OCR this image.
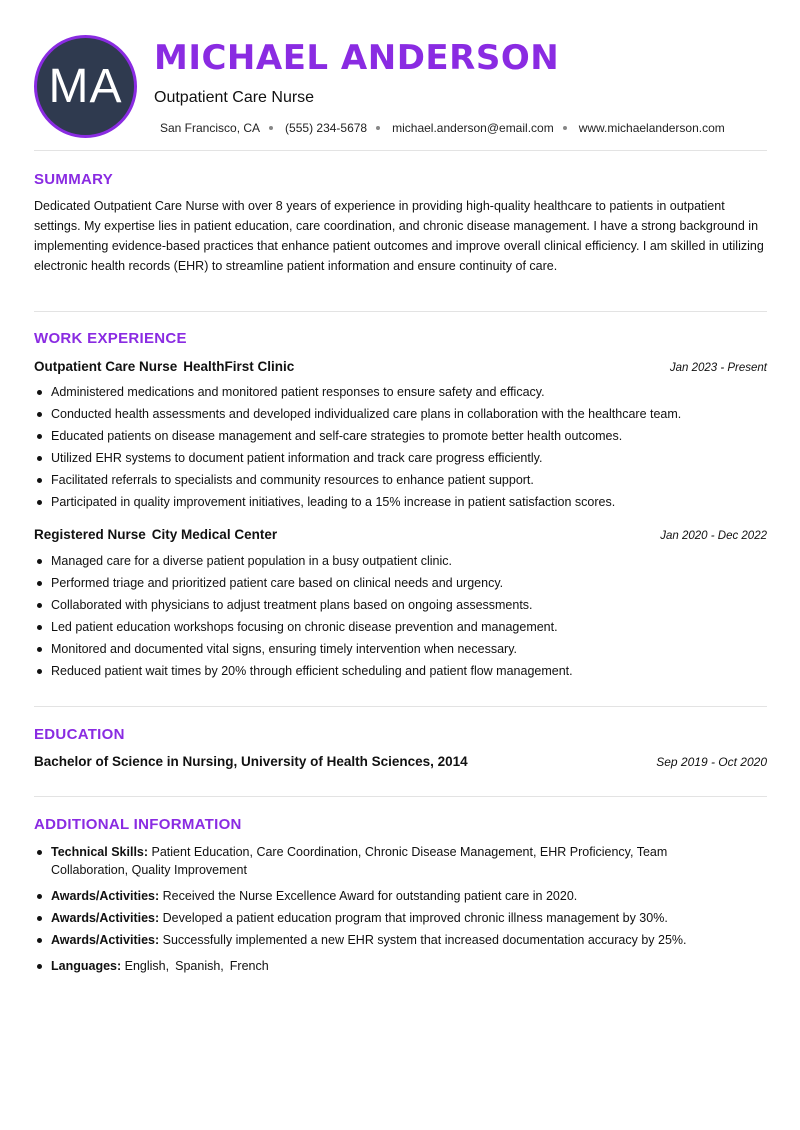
MA
MICHAEL ANDERSON
Outpatient Care Nurse
San Francisco, CA (555) 234-5678 michael.anderson@email.com www.michaelanderson.com
SUMMARY
Dedicated Outpatient Care Nurse with over 8 years of experience in providing high-quality healthcare to patients in outpatient settings. My expertise lies in patient education, care coordination, and chronic disease management. I have a strong background in implementing evidence-based practices that enhance patient outcomes and improve overall clinical efficiency. I am skilled in utilizing electronic health records (EHR) to streamline patient information and ensure continuity of care.
WORK EXPERIENCE
Outpatient Care Nurse HealthFirst Clinic	Jan 2023 - Present
Administered medications and monitored patient responses to ensure safety and efficacy.
Conducted health assessments and developed individualized care plans in collaboration with the healthcare team.
Educated patients on disease management and self-care strategies to promote better health outcomes.
Utilized EHR systems to document patient information and track care progress efficiently.
Facilitated referrals to specialists and community resources to enhance patient support.
Participated in quality improvement initiatives, leading to a 15% increase in patient satisfaction scores.
Registered Nurse City Medical Center	Jan 2020 - Dec 2022
Managed care for a diverse patient population in a busy outpatient clinic.
Performed triage and prioritized patient care based on clinical needs and urgency.
Collaborated with physicians to adjust treatment plans based on ongoing assessments.
Led patient education workshops focusing on chronic disease prevention and management.
Monitored and documented vital signs, ensuring timely intervention when necessary.
Reduced patient wait times by 20% through efficient scheduling and patient flow management.
EDUCATION
Bachelor of Science in Nursing, University of Health Sciences, 2014	Sep 2019 - Oct 2020
ADDITIONAL INFORMATION
Technical Skills: Patient Education, Care Coordination, Chronic Disease Management, EHR Proficiency, Team Collaboration, Quality Improvement
Awards/Activities: Received the Nurse Excellence Award for outstanding patient care in 2020.
Awards/Activities: Developed a patient education program that improved chronic illness management by 30%.
Awards/Activities: Successfully implemented a new EHR system that increased documentation accuracy by 25%.
Languages: English, Spanish, French
